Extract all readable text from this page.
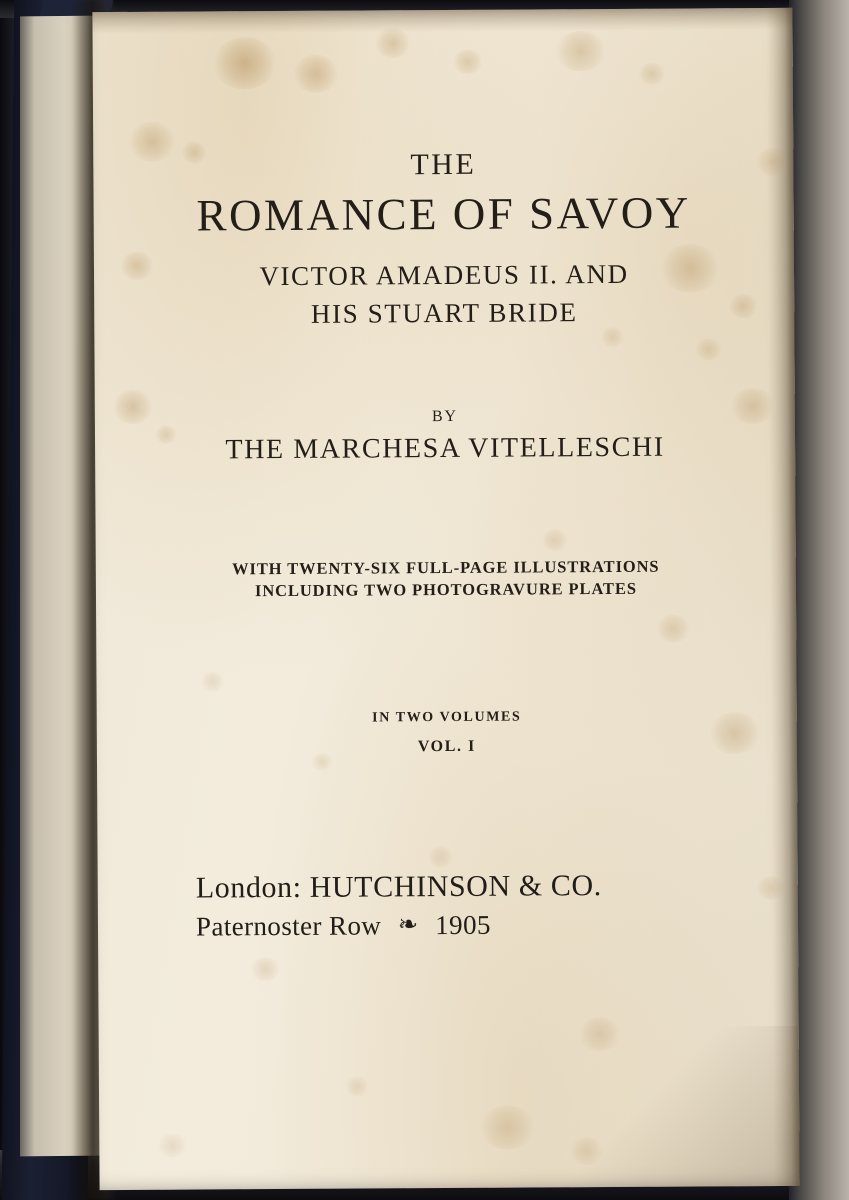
THE
ROMANCE OF SAVOY
VICTOR AMADEUS II. AND
HIS STUART BRIDE
BY
THE MARCHESA VITELLESCHI
WITH TWENTY-SIX FULL-PAGE ILLUSTRATIONS
INCLUDING TWO PHOTOGRAVURE PLATES
IN TWO VOLUMES
VOL. I
London: HUTCHINSON & CO.
Paternoster Row ❧ 1905
